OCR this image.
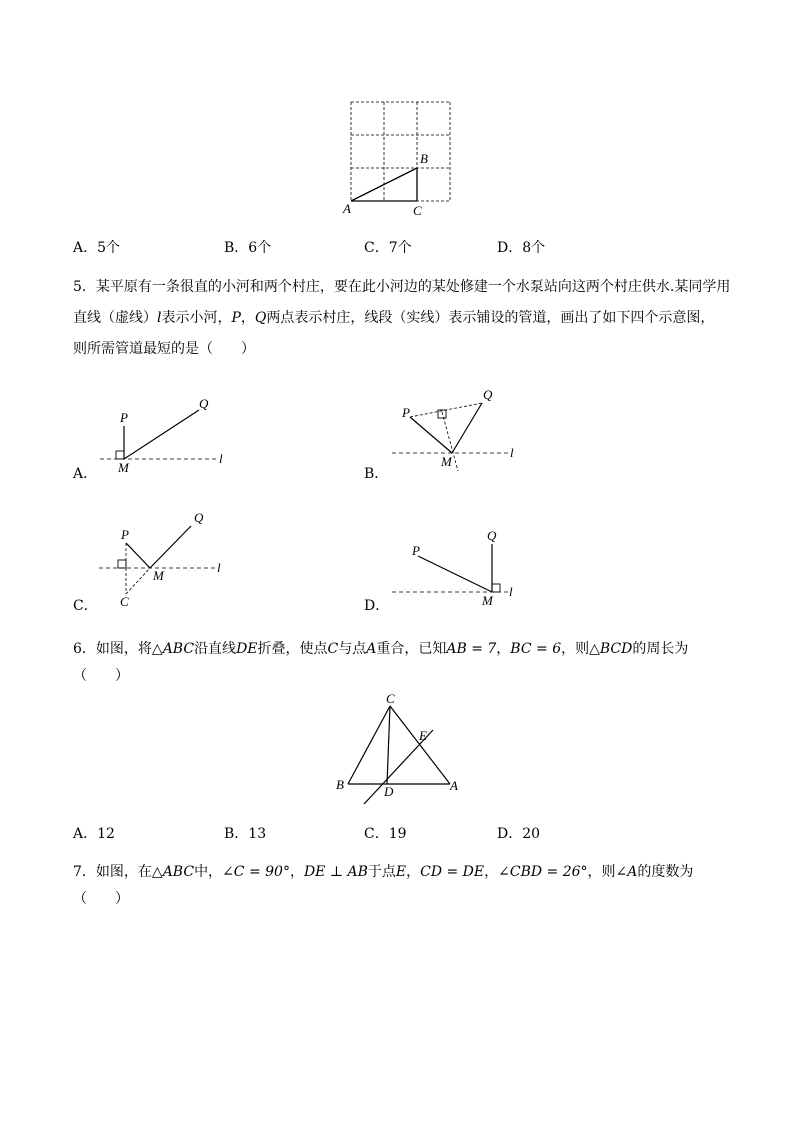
B
A	C
A．5个	B．6个	C．7个	D．8个
5．某平原有一条很直的小河和两个村庄，要在此小河边的某处修建一个水泵站向这两个村庄供水.某同学用
直线（虚线）l表示小河，P，Q两点表示村庄，线段（实线）表示铺设的管道，画出了如下四个示意图，
则所需管道最短的是（　　）
P
Q
M
l
A．
P
Q
M
l
B．
P
Q
M
l
C
C．
P
Q
M
l
D．
6．如图，将△ABC沿直线DE折叠，使点C与点A重合，已知AB = 7，BC = 6，则△BCD的周长为
（　　）
C
E
B	D	A
A．12	B．13	C．19	D．20
7．如图，在△ABC中，∠C = 90°，DE ⊥ AB于点E，CD = DE，∠CBD = 26°，则∠A的度数为
（　　）
